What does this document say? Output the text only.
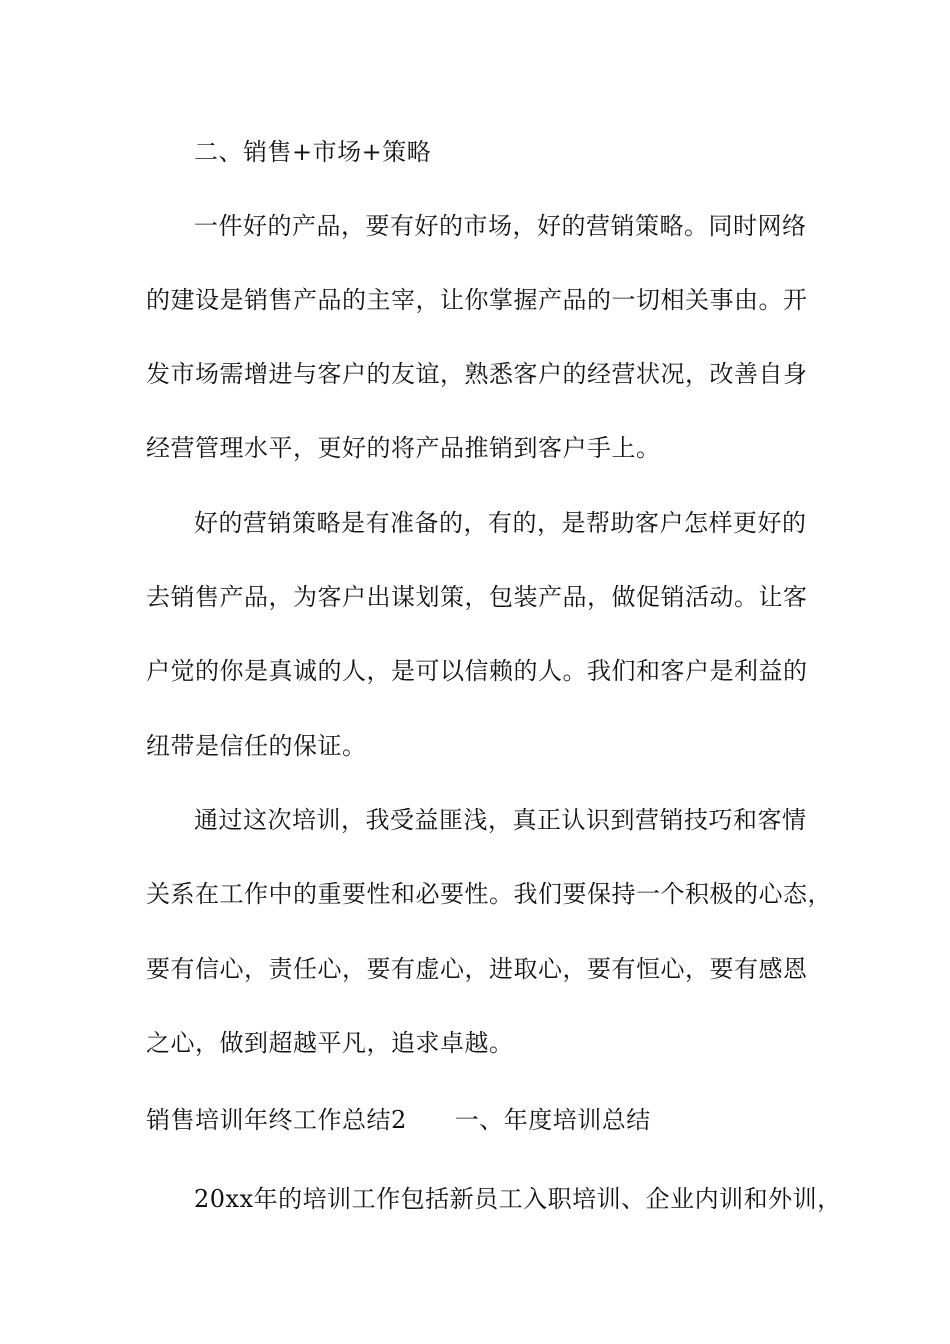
二、销售+市场+策略
一件好的产品，要有好的市场，好的营销策略。同时网络
的建设是销售产品的主宰，让你掌握产品的一切相关事由。开
发市场需增进与客户的友谊，熟悉客户的经营状况，改善自身
经营管理水平，更好的将产品推销到客户手上。
好的营销策略是有准备的，有的，是帮助客户怎样更好的
去销售产品，为客户出谋划策，包装产品，做促销活动。让客
户觉的你是真诚的人，是可以信赖的人。我们和客户是利益的
纽带是信任的保证。
通过这次培训，我受益匪浅，真正认识到营销技巧和客情
关系在工作中的重要性和必要性。我们要保持一个积极的心态，
要有信心，责任心，要有虚心，进取心，要有恒心，要有感恩
之心，做到超越平凡，追求卓越。
销售培训年终工作总结2 一、年度培训总结
20xx年的培训工作包括新员工入职培训、企业内训和外训，
